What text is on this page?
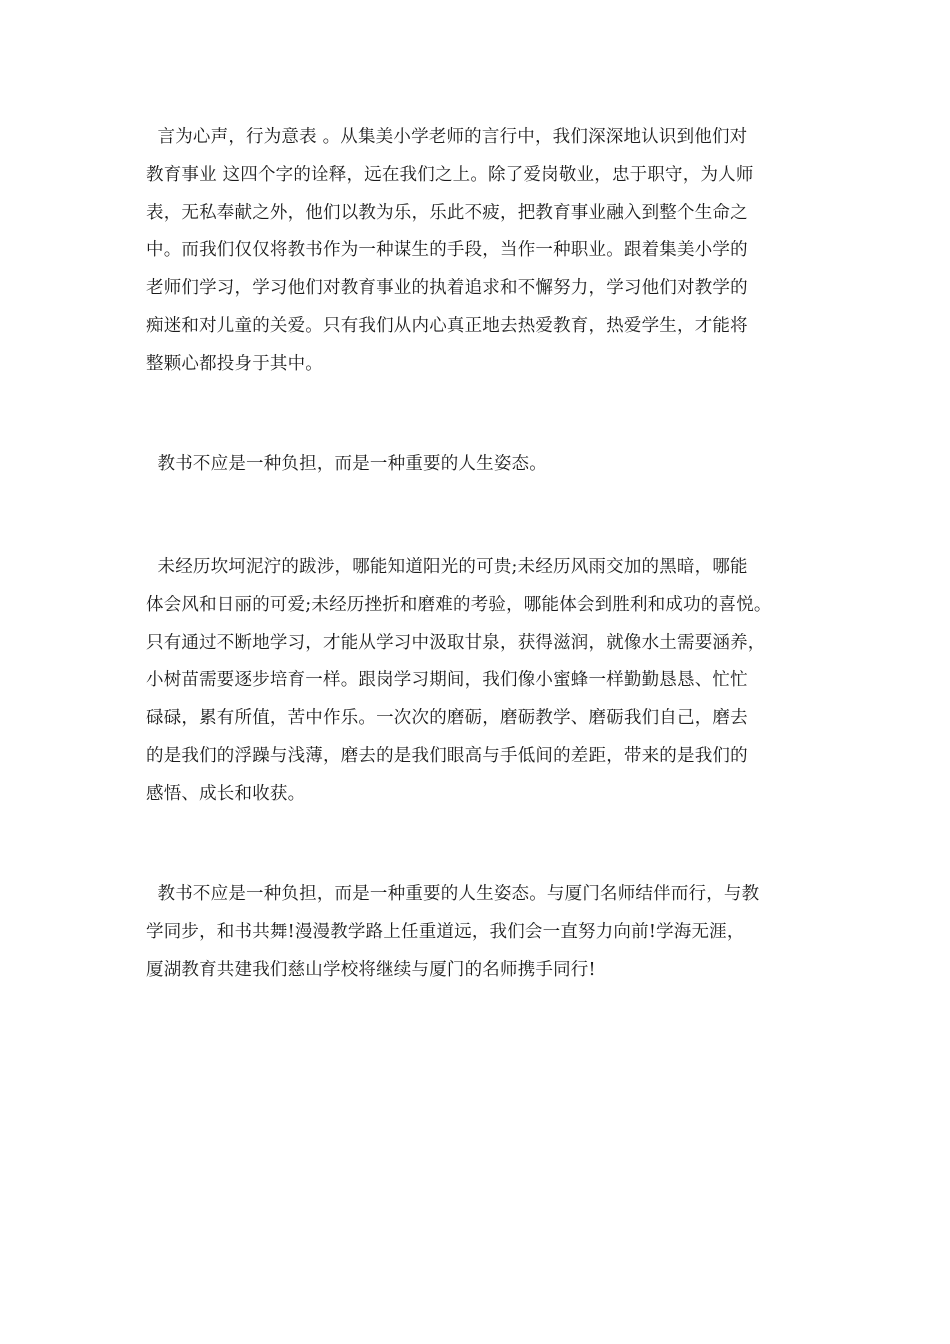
言为心声，行为意表 。从集美小学老师的言行中，我们深深地认识到他们对
教育事业 这四个字的诠释，远在我们之上。除了爱岗敬业，忠于职守，为人师
表，无私奉献之外，他们以教为乐，乐此不疲，把教育事业融入到整个生命之
中。而我们仅仅将教书作为一种谋生的手段，当作一种职业。跟着集美小学的
老师们学习，学习他们对教育事业的执着追求和不懈努力，学习他们对教学的
痴迷和对儿童的关爱。只有我们从内心真正地去热爱教育，热爱学生，才能将
整颗心都投身于其中。

教书不应是一种负担，而是一种重要的人生姿态。

未经历坎坷泥泞的跋涉，哪能知道阳光的可贵;未经历风雨交加的黑暗，哪能
体会风和日丽的可爱;未经历挫折和磨难的考验，哪能体会到胜利和成功的喜悦。
只有通过不断地学习，才能从学习中汲取甘泉，获得滋润，就像水土需要涵养，
小树苗需要逐步培育一样。跟岗学习期间，我们像小蜜蜂一样勤勤恳恳、忙忙
碌碌，累有所值，苦中作乐。一次次的磨砺，磨砺教学、磨砺我们自己，磨去
的是我们的浮躁与浅薄，磨去的是我们眼高与手低间的差距，带来的是我们的
感悟、成长和收获。

教书不应是一种负担，而是一种重要的人生姿态。与厦门名师结伴而行，与教
学同步，和书共舞!漫漫教学路上任重道远，我们会一直努力向前!学海无涯，
厦湖教育共建我们慈山学校将继续与厦门的名师携手同行!
